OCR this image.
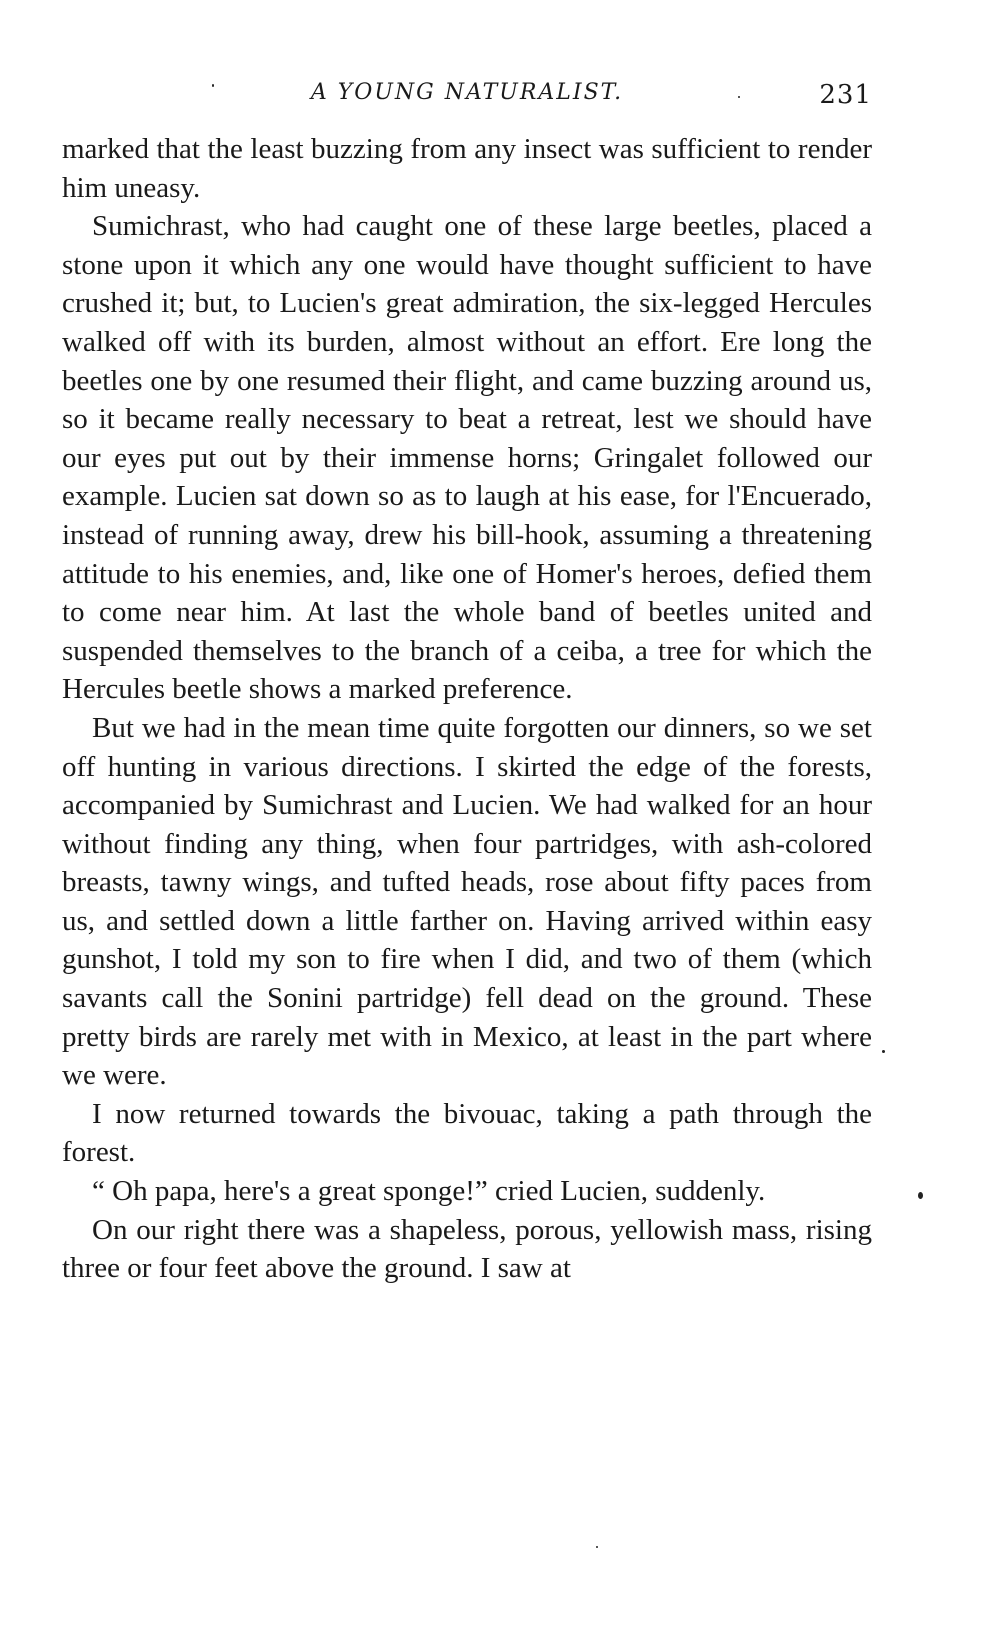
A YOUNG NATURALIST.	231

marked that the least buzzing from any insect was sufficient to render him uneasy.

Sumichrast, who had caught one of these large beetles, placed a stone upon it which any one would have thought sufficient to have crushed it; but, to Lucien's great admiration, the six-legged Hercules walked off with its burden, almost without an effort. Ere long the beetles one by one resumed their flight, and came buzzing around us, so it became really necessary to beat a retreat, lest we should have our eyes put out by their immense horns; Gringalet followed our example. Lucien sat down so as to laugh at his ease, for l'Encuerado, instead of running away, drew his bill-hook, assuming a threatening attitude to his enemies, and, like one of Homer's heroes, defied them to come near him. At last the whole band of beetles united and suspended themselves to the branch of a ceiba, a tree for which the Hercules beetle shows a marked preference.

But we had in the mean time quite forgotten our dinners, so we set off hunting in various directions. I skirted the edge of the forests, accompanied by Sumichrast and Lucien. We had walked for an hour without finding any thing, when four partridges, with ash-colored breasts, tawny wings, and tufted heads, rose about fifty paces from us, and settled down a little farther on. Having arrived within easy gunshot, I told my son to fire when I did, and two of them (which savants call the Sonini partridge) fell dead on the ground. These pretty birds are rarely met with in Mexico, at least in the part where we were.

I now returned towards the bivouac, taking a path through the forest.

“ Oh papa, here's a great sponge!” cried Lucien, suddenly.

On our right there was a shapeless, porous, yellowish mass, rising three or four feet above the ground. I saw at
